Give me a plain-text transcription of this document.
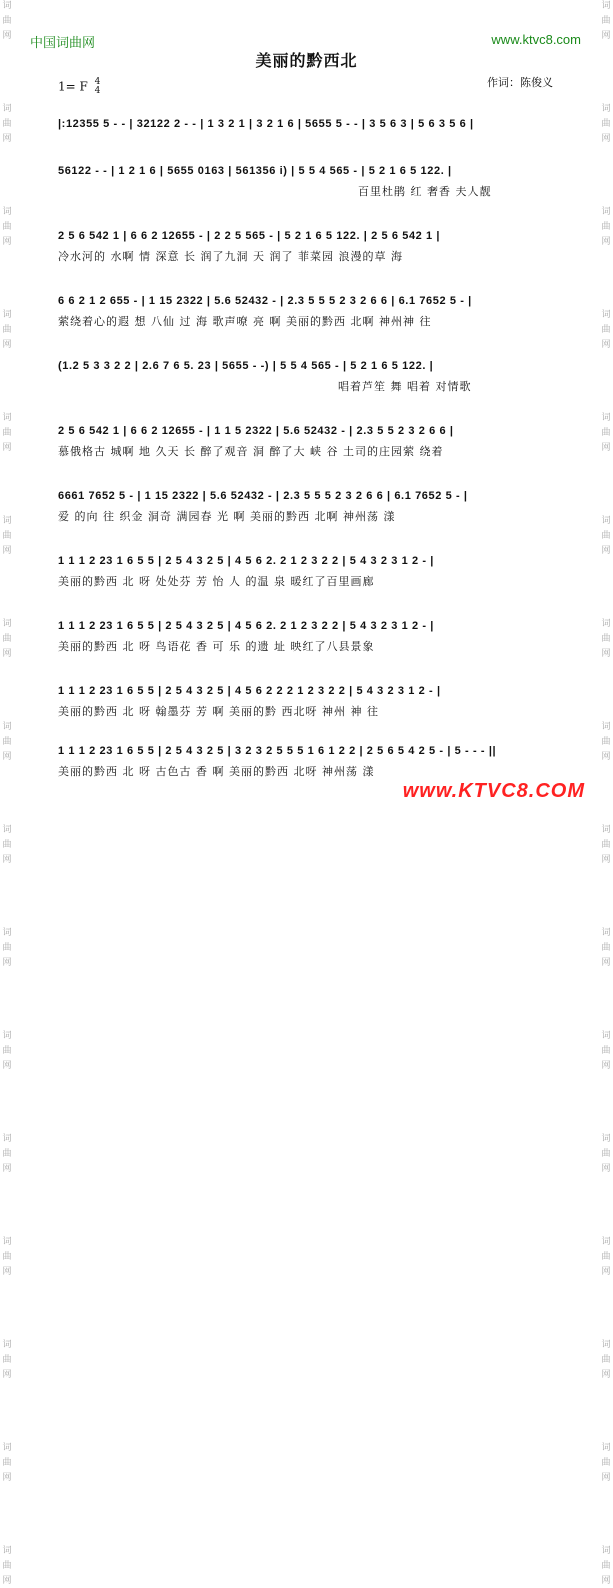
词
曲
网
词
曲
网
词
曲
网
词
曲
网
词
曲
网
词
曲
网
词
曲
网
词
曲
网
词
曲
网
词
曲
网
词
曲
网
词
曲
网
词
曲
网
词
曲
网
词
曲
网
词
曲
网
词
曲
网
词
曲
网
词
曲
网
词
曲
网
词
曲
网
词
曲
网
词
曲
网
词
曲
网
词
曲
网
词
曲
网
词
曲
网
词
曲
网
词
曲
网
词
曲
网
词
曲
网
词
曲
网
中国词曲网	www.ktvc8.com
美丽的黔西北
1= F 4
4
作词：陈俊义
|:12355 5 - - | 32122 2 - - | 1 3 2 1 | 3 2 1 6 | 5655 5 - - | 3 5 6 3 | 5 6 3 5 6 |
56122 - - | 1 2 1 6 | 5655 0163 | 561356 i) | 5 5 4 565 - | 5 2 1 6 5 122. |
百里杜鹃 红 奢香 夫人靓
2 5 6 542 1 | 6 6 2 12655 - | 2 2 5 565 - | 5 2 1 6 5 122. | 2 5 6 542 1 |
冷水河的 水啊 情 深意 长 润了九洞 天 润了 菲菜园 浪漫的草 海
6 6 2 1 2 655 - | 1 15 2322 | 5.6 52432 - | 2.3 5 5 5 2 3 2 6 6 | 6.1 7652 5 - |
萦绕着心的遐 想 八仙 过 海 歌声嘹 亮 啊 美丽的黔西 北啊 神州神 往
(1.2 5 3 3 2 2 | 2.6 7 6 5. 23 | 5655 - -) | 5 5 4 565 - | 5 2 1 6 5 122. |
唱着芦笙 舞 唱着 对情歌
2 5 6 542 1 | 6 6 2 12655 - | 1 1 5 2322 | 5.6 52432 - | 2.3 5 5 2 3 2 6 6 |
慕俄格古 城啊 地 久天 长 醉了观音 洞 醉了大 峡 谷 土司的庄园萦 绕着
6661 7652 5 - | 1 15 2322 | 5.6 52432 - | 2.3 5 5 5 2 3 2 6 6 | 6.1 7652 5 - |
爱 的向 往 织金 洞奇 满园春 光 啊 美丽的黔西 北啊 神州荡 漾
1 1 1 2 23 1 6 5 5 | 2 5 4 3 2 5 | 4 5 6 2. 2 1 2 3 2 2 | 5 4 3 2 3 1 2 - |
美丽的黔西 北 呀 处处芬 芳 怡 人 的温 泉 暖红了百里画廊
1 1 1 2 23 1 6 5 5 | 2 5 4 3 2 5 | 4 5 6 2. 2 1 2 3 2 2 | 5 4 3 2 3 1 2 - |
美丽的黔西 北 呀 鸟语花 香 可 乐 的遗 址 映红了八县景象
1 1 1 2 23 1 6 5 5 | 2 5 4 3 2 5 | 4 5 6 2 2 2 1 2 3 2 2 | 5 4 3 2 3 1 2 - |
美丽的黔西 北 呀 翰墨芬 芳 啊 美丽的黔 西北呀 神州 神 往
1 1 1 2 23 1 6 5 5 | 2 5 4 3 2 5 | 3 2 3 2 5 5 5 1 6 1 2 2 | 2 5 6 5 4 2 5 - | 5 - - - ||
美丽的黔西 北 呀 古色古 香 啊 美丽的黔西 北呀 神州荡 漾
www.KTVC8.COM
